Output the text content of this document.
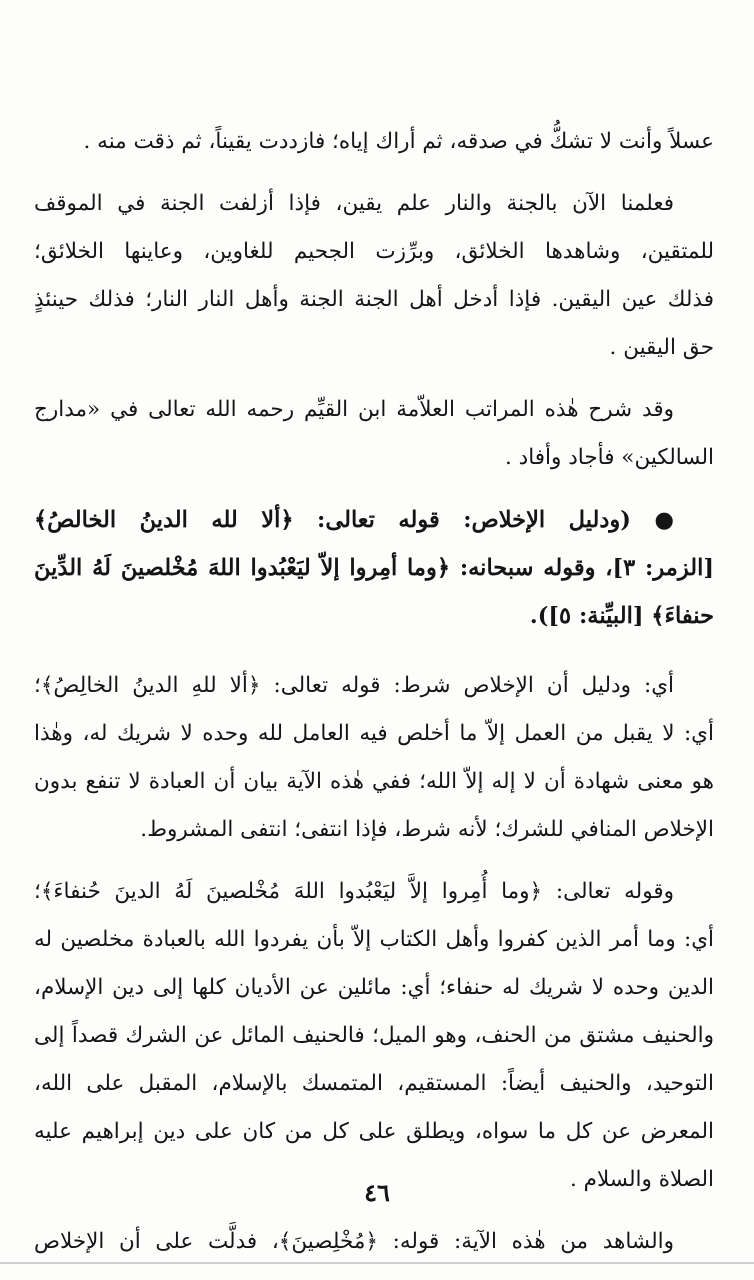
عسلاً وأنت لا تشكُّ في صدقه، ثم أراك إياه؛ فازددت يقيناً، ثم ذقت منه .
فعلمنا الآن بالجنة والنار علم يقين، فإذا أزلفت الجنة في الموقف
للمتقين، وشاهدها الخلائق، وبرِّزت الجحيم للغاوين، وعاينها الخلائق؛
فذلك عين اليقين. فإذا أدخل أهل الجنة الجنة وأهل النار النار؛ فذلك حينئذٍ
حق اليقين .
وقد شرح هٰذه المراتب العلاّمة ابن القيِّم رحمه الله تعالى في «مدارج
السالكين» فأجاد وأفاد .
● (ودليل الإخلاص: قوله تعالى: ﴿ألا لله الدينُ الخالصُ﴾
[الزمر: ٣]، وقوله سبحانه: ﴿وما أمِروا إلاّ ليَعْبُدوا اللهَ مُخْلصينَ لَهُ الدِّينَ
حنفاءَ﴾ [البيِّنة: ٥]).
أي: ودليل أن الإخلاص شرط: قوله تعالى: ﴿ألا للهِ الدينُ الخالِصُ﴾؛
أي: لا يقبل من العمل إلاّ ما أخلص فيه العامل لله وحده لا شريك له، وهٰذا
هو معنى شهادة أن لا إله إلاّ الله؛ ففي هٰذه الآية بيان أن العبادة لا تنفع بدون
الإخلاص المنافي للشرك؛ لأنه شرط، فإذا انتفى؛ انتفى المشروط.
وقوله تعالى: ﴿وما أُمِروا إلاَّ ليَعْبُدوا اللهَ مُخْلصينَ لَهُ الدينَ حُنفاءَ﴾؛
أي: وما أمر الذين كفروا وأهل الكتاب إلاّ بأن يفردوا الله بالعبادة مخلصين له
الدين وحده لا شريك له حنفاء؛ أي: مائلين عن الأديان كلها إلى دين الإسلام،
والحنيف مشتق من الحنف، وهو الميل؛ فالحنيف المائل عن الشرك قصداً إلى
التوحيد، والحنيف أيضاً: المستقيم، المتمسك بالإسلام، المقبل على الله،
المعرض عن كل ما سواه، ويطلق على كل من كان على دين إبراهيم عليه
الصلاة والسلام .
والشاهد من هٰذه الآية: قوله: ﴿مُخْلِصينَ﴾، فدلَّت على أن الإخلاص
٤٦
